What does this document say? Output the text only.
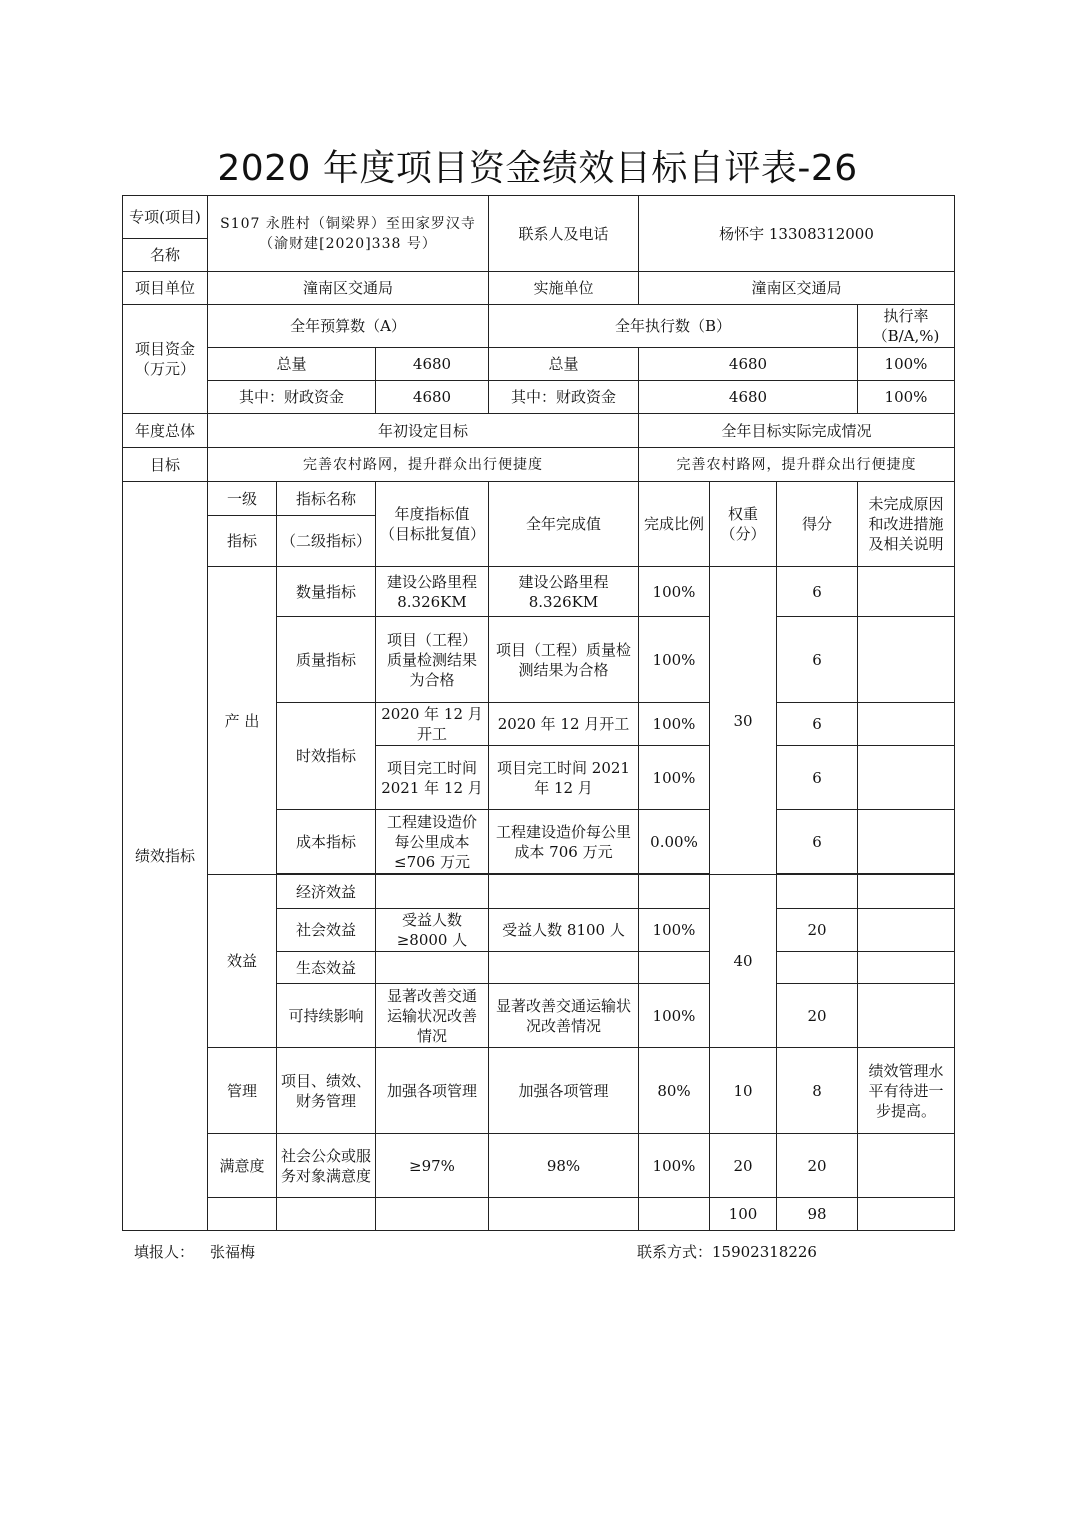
2020 年度项目资金绩效目标自评表-26
专项(项目)	S107 永胜村（铜梁界）至田家罗汉寺（渝财建[2020]338 号）			联系人及电话	杨怀宇 13308312000			
名称								
项目单位	潼南区交通局			实施单位	潼南区交通局			
项目资金（万元）	全年预算数（A）			全年执行数（B）				执行率（B/A,%)
	总量		4680	总量	4680			100%
	其中：财政资金		4680	其中：财政资金	4680			100%
年度总体	年初设定目标				全年目标实际完成情况			
目标	完善农村路网，提升群众出行便捷度				完善农村路网，提升群众出行便捷度			
绩效指标	一级	指标名称	年度指标值（目标批复值）	全年完成值	完成比例	权重（分）	得分	未完成原因和改进措施及相关说明
	指标	（二级指标）						
	产 出	数量指标	建设公路里程 8.326KM	建设公路里程 8.326KM	100%	30	6	
		质量指标	项目（工程）质量检测结果为合格	项目（工程）质量检测结果为合格	100%		6	
		时效指标	2020 年 12 月开工	2020 年 12 月开工	100%		6	
			项目完工时间 2021 年 12 月	项目完工时间 2021 年 12 月	100%		6	
		成本指标	工程建设造价每公里成本≤706 万元	工程建设造价每公里成本 706 万元	0.00%		6	

	效益	经济效益				40		
		社会效益	受益人数≥8000 人	受益人数 8100 人	100%		20	
		生态效益						
		可持续影响	显著改善交通运输状况改善情况	显著改善交通运输状况改善情况	100%		20	
	管理	项目、绩效、财务管理	加强各项管理	加强各项管理	80%	10	8	绩效管理水平有待进一步提高。
	满意度	社会公众或服务对象满意度	≥97%	98%	100%	20	20	
						100	98	
填报人： 张福梅	联系方式：15902318226
